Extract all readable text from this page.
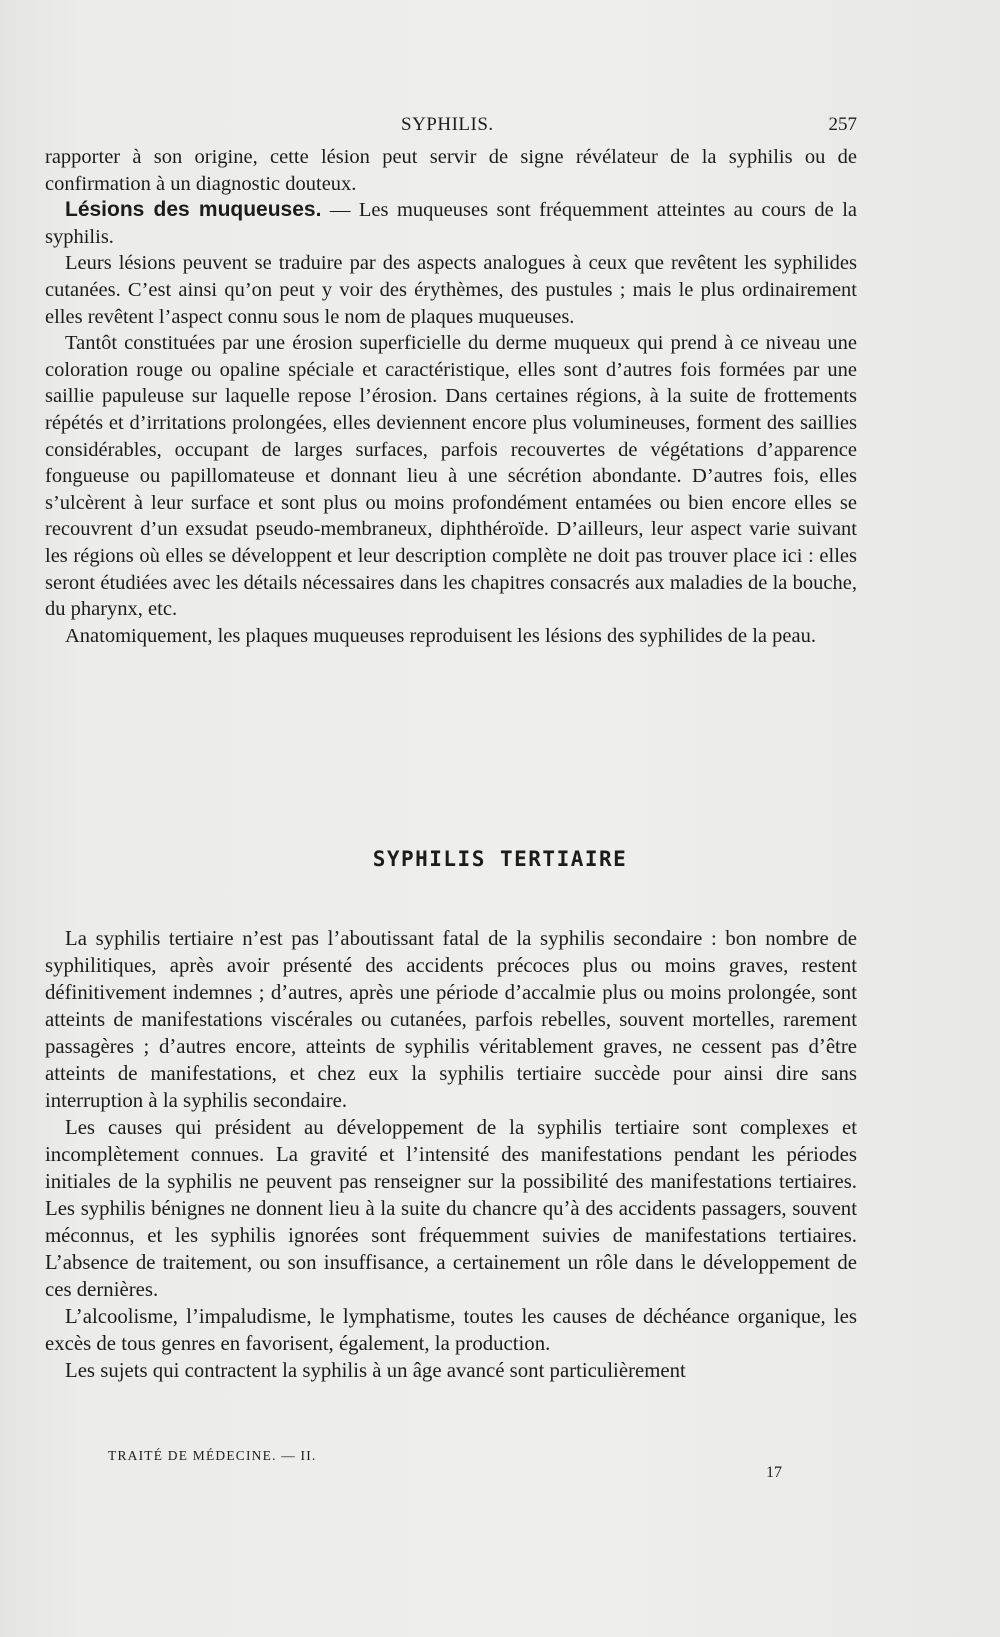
SYPHILIS.	257

rapporter à son origine, cette lésion peut servir de signe révélateur de la syphilis ou de confirmation à un diagnostic douteux.

Lésions des muqueuses. — Les muqueuses sont fréquemment atteintes au cours de la syphilis.

Leurs lésions peuvent se traduire par des aspects analogues à ceux que revêtent les syphilides cutanées. C’est ainsi qu’on peut y voir des érythèmes, des pustules ; mais le plus ordinairement elles revêtent l’aspect connu sous le nom de plaques muqueuses.

Tantôt constituées par une érosion superficielle du derme muqueux qui prend à ce niveau une coloration rouge ou opaline spéciale et caractéristique, elles sont d’autres fois formées par une saillie papuleuse sur laquelle repose l’érosion. Dans certaines régions, à la suite de frottements répétés et d’irritations prolongées, elles deviennent encore plus volumineuses, forment des saillies considérables, occupant de larges surfaces, parfois recouvertes de végétations d’apparence fongueuse ou papillomateuse et donnant lieu à une sécrétion abondante. D’autres fois, elles s’ulcèrent à leur surface et sont plus ou moins profondément entamées ou bien encore elles se recouvrent d’un exsudat pseudo-membraneux, diphthéroïde. D’ailleurs, leur aspect varie suivant les régions où elles se développent et leur description complète ne doit pas trouver place ici : elles seront étudiées avec les détails nécessaires dans les chapitres consacrés aux maladies de la bouche, du pharynx, etc.

Anatomiquement, les plaques muqueuses reproduisent les lésions des syphilides de la peau.

SYPHILIS TERTIAIRE

La syphilis tertiaire n’est pas l’aboutissant fatal de la syphilis secondaire : bon nombre de syphilitiques, après avoir présenté des accidents précoces plus ou moins graves, restent définitivement indemnes ; d’autres, après une période d’accalmie plus ou moins prolongée, sont atteints de manifestations viscérales ou cutanées, parfois rebelles, souvent mortelles, rarement passagères ; d’autres encore, atteints de syphilis véritablement graves, ne cessent pas d’être atteints de manifestations, et chez eux la syphilis tertiaire succède pour ainsi dire sans interruption à la syphilis secondaire.

Les causes qui président au développement de la syphilis tertiaire sont complexes et incomplètement connues. La gravité et l’intensité des manifestations pendant les périodes initiales de la syphilis ne peuvent pas renseigner sur la possibilité des manifestations tertiaires. Les syphilis bénignes ne donnent lieu à la suite du chancre qu’à des accidents passagers, souvent méconnus, et les syphilis ignorées sont fréquemment suivies de manifestations tertiaires. L’absence de traitement, ou son insuffisance, a certainement un rôle dans le développement de ces dernières.

L’alcoolisme, l’impaludisme, le lymphatisme, toutes les causes de déchéance organique, les excès de tous genres en favorisent, également, la production.

Les sujets qui contractent la syphilis à un âge avancé sont particulièrement

TRAITÉ DE MÉDECINE. — II.
17
